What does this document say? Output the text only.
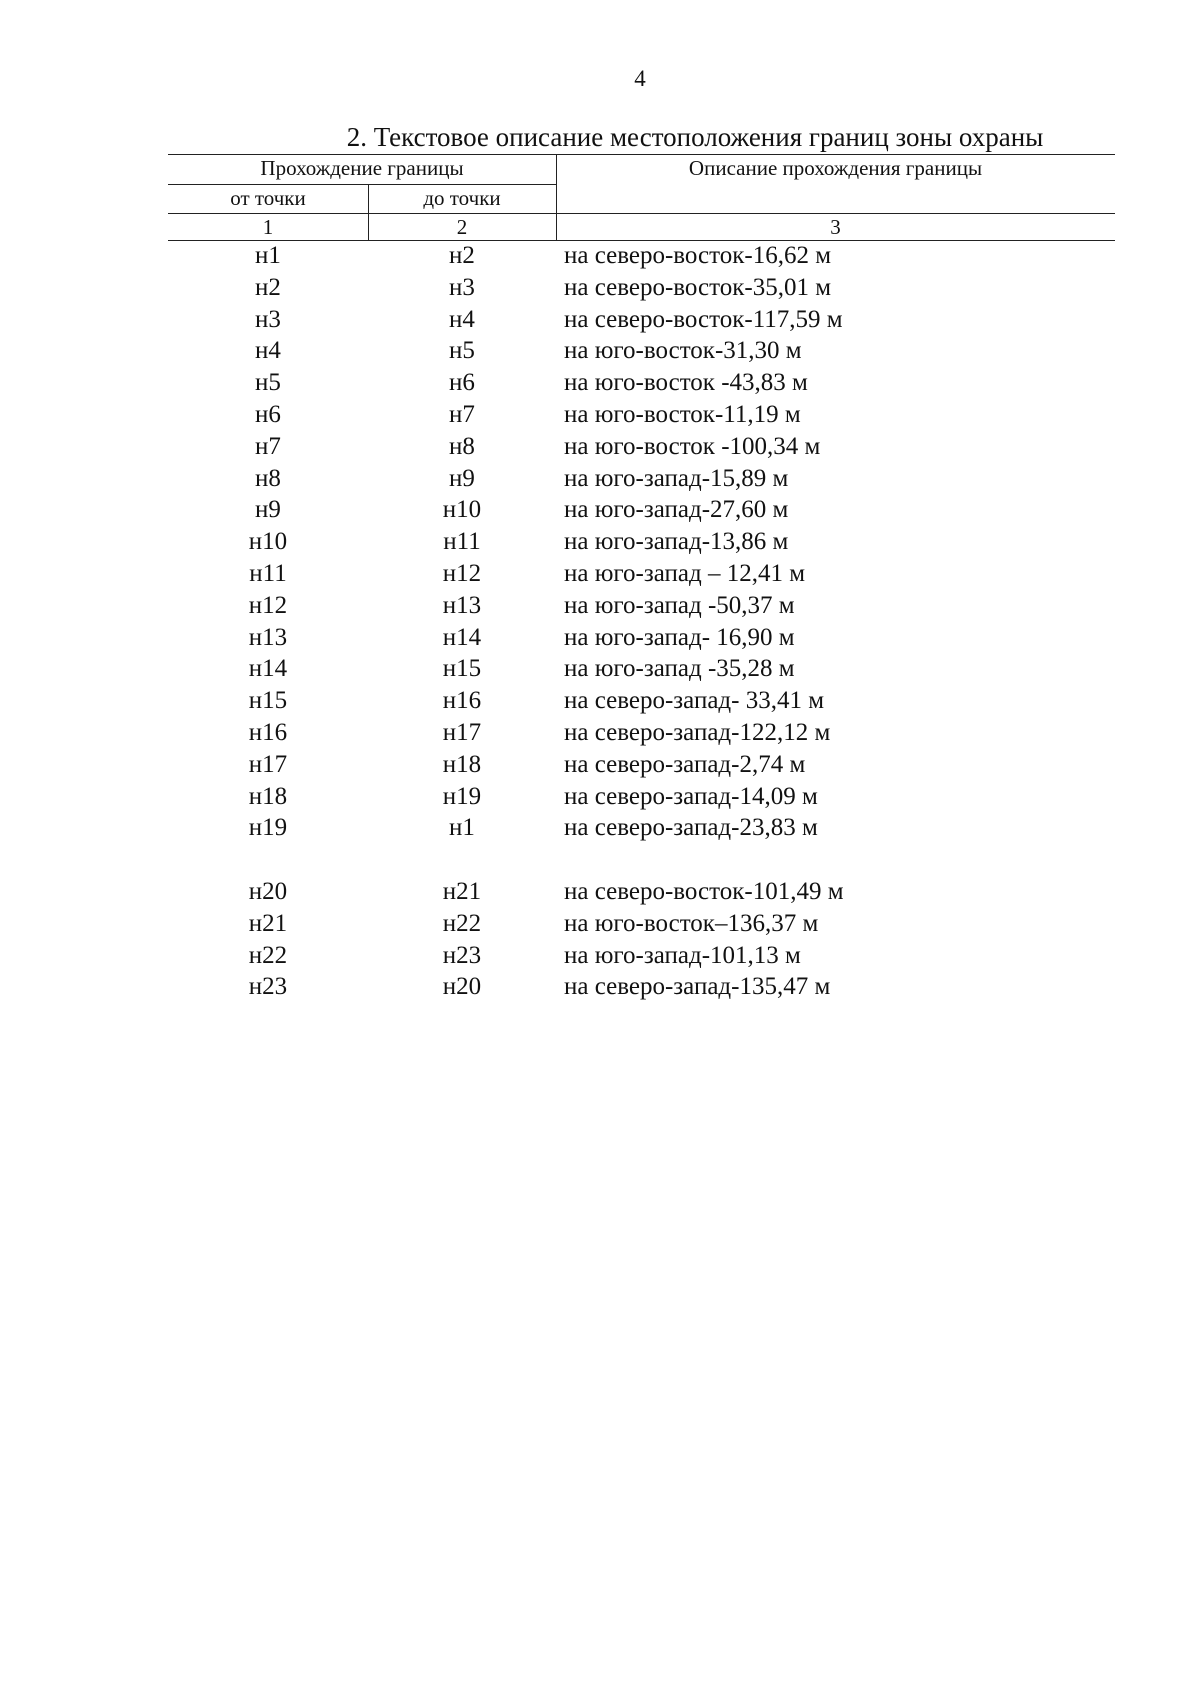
4
2. Текстовое описание местоположения границ зоны охраны
Прохождение границы	Описание прохождения границы
от точки	до точки
1	2	3
н1	н2	на северо-восток-16,62 м
н2	н3	на северо-восток-35,01 м
н3	н4	на северо-восток-117,59 м
н4	н5	на юго-восток-31,30 м
н5	н6	на юго-восток -43,83 м
н6	н7	на юго-восток-11,19 м
н7	н8	на юго-восток -100,34 м
н8	н9	на юго-запад-15,89 м
н9	н10	на юго-запад-27,60 м
н10	н11	на юго-запад-13,86 м
н11	н12	на юго-запад – 12,41 м
н12	н13	на юго-запад -50,37 м
н13	н14	на юго-запад- 16,90 м
н14	н15	на юго-запад -35,28 м
н15	н16	на северо-запад- 33,41 м
н16	н17	на северо-запад-122,12 м
н17	н18	на северо-запад-2,74 м
н18	н19	на северо-запад-14,09 м
н19	н1	на северо-запад-23,83 м
н20	н21	на северо-восток-101,49 м
н21	н22	на юго-восток–136,37 м
н22	н23	на юго-запад-101,13 м
н23	н20	на северо-запад-135,47 м
